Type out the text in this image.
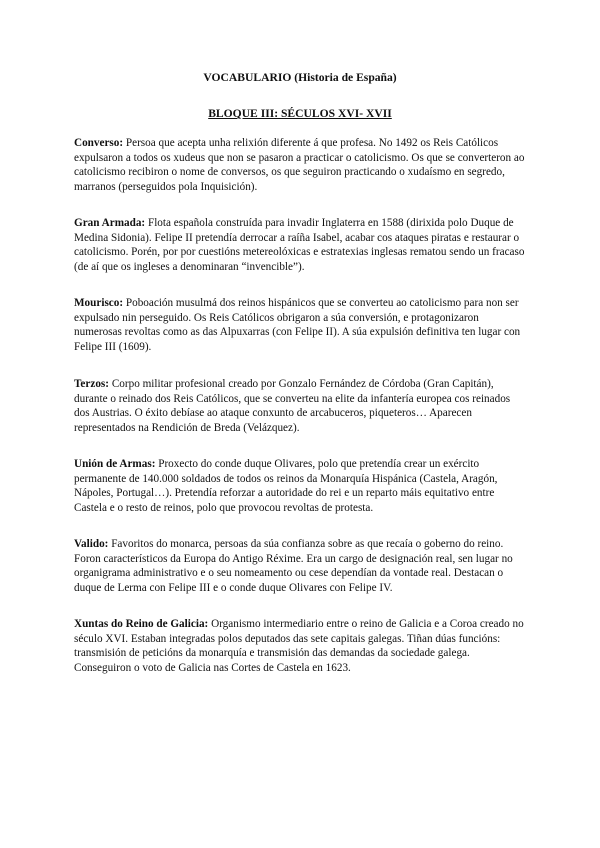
VOCABULARIO (Historia de España)
BLOQUE III: SÉCULOS XVI- XVII

Converso: Persoa que acepta unha relixión diferente á que profesa. No 1492 os Reis Católicos expulsaron a todos os xudeus que non se pasaron a practicar o catolicismo. Os que se converteron ao catolicismo recibiron o nome de conversos, os que seguiron practicando o xudaísmo en segredo, marranos (perseguidos pola Inquisición).

Gran Armada: Flota española construída para invadir Inglaterra en 1588 (dirixida polo Duque de Medina Sidonia). Felipe II pretendía derrocar a raíña Isabel, acabar cos ataques piratas e restaurar o catolicismo. Porén, por por cuestións metereolóxicas e estratexias inglesas rematou sendo un fracaso (de aí que os ingleses a denominaran “invencible”).

Mourisco: Poboación musulmá dos reinos hispánicos que se converteu ao catolicismo para non ser expulsado nin perseguido. Os Reis Católicos obrigaron a súa conversión, e protagonizaron numerosas revoltas como as das Alpuxarras (con Felipe II). A súa expulsión definitiva ten lugar con Felipe III (1609).

Terzos: Corpo militar profesional creado por Gonzalo Fernández de Córdoba (Gran Capitán), durante o reinado dos Reis Católicos, que se converteu na elite da infantería europea cos reinados dos Austrias. O éxito debíase ao ataque conxunto de arcabuceros, piqueteros… Aparecen representados na Rendición de Breda (Velázquez).

Unión de Armas: Proxecto do conde duque Olivares, polo que pretendía crear un exército permanente de 140.000 soldados de todos os reinos da Monarquía Hispánica (Castela, Aragón, Nápoles, Portugal…). Pretendía reforzar a autoridade do rei e un reparto máis equitativo entre Castela e o resto de reinos, polo que provocou revoltas de protesta.

Valido: Favoritos do monarca, persoas da súa confianza sobre as que recaía o goberno do reino. Foron característicos da Europa do Antigo Réxime. Era un cargo de designación real, sen lugar no organigrama administrativo e o seu nomeamento ou cese dependían da vontade real. Destacan o duque de Lerma con Felipe III e o conde duque Olivares con Felipe IV.

Xuntas do Reino de Galicia: Organismo intermediario entre o reino de Galicia e a Coroa creado no século XVI. Estaban integradas polos deputados das sete capitais galegas. Tiñan dúas funcións: transmisión de peticións da monarquía e transmisión das demandas da sociedade galega. Conseguiron o voto de Galicia nas Cortes de Castela en 1623.
